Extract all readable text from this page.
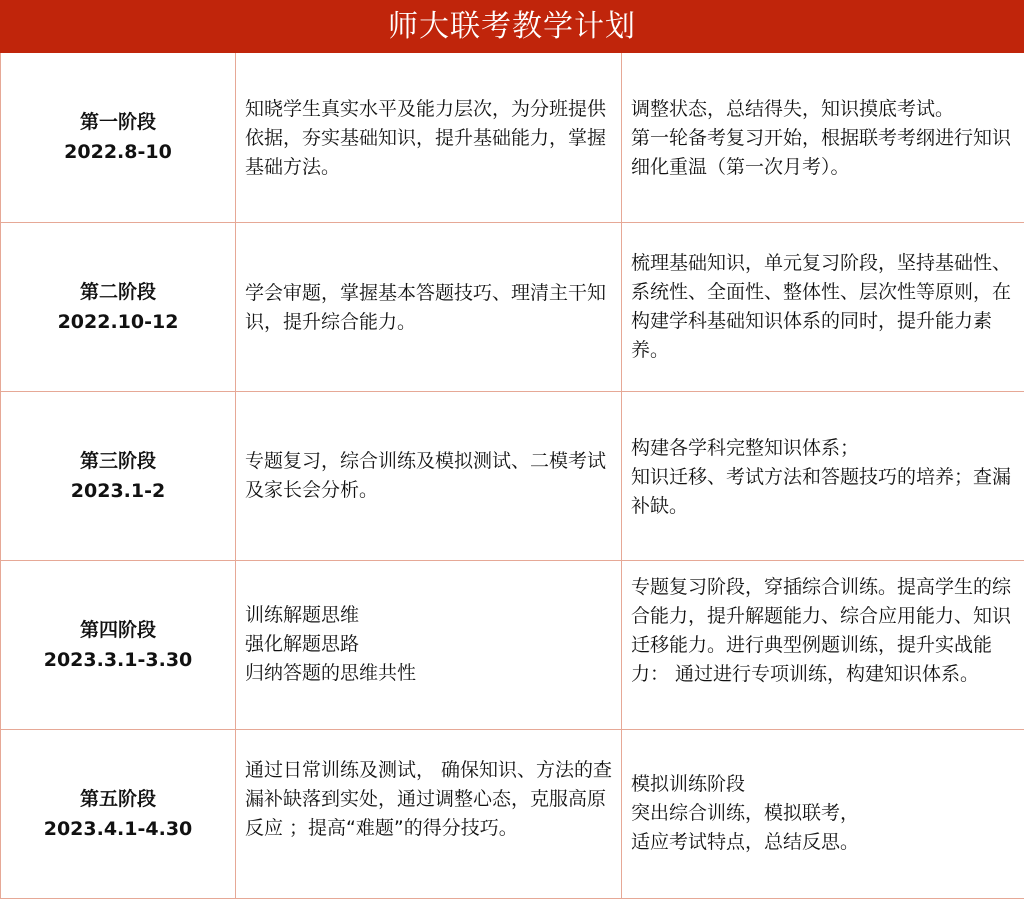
师大联考教学计划
第一阶段
2022.8-10	知晓学生真实水平及能力层次，为分班提供依据，夯实基础知识，提升基础能力，掌握基础方法。	调整状态，总结得失，知识摸底考试。
第一轮备考复习开始，根据联考考纲进行知识细化重温（第一次月考）。

第二阶段
2022.10-12	学会审题，掌握基本答题技巧、理清主干知识，提升综合能力。	梳理基础知识，单元复习阶段，坚持基础性、系统性、全面性、整体性、层次性等原则，在构建学科基础知识体系的同时，提升能力素养。

第三阶段
2023.1-2	专题复习，综合训练及模拟测试、二模考试及家长会分析。	构建各学科完整知识体系；
知识迁移、考试方法和答题技巧的培养；查漏补缺。

第四阶段
2023.3.1-3.30	训练解题思维
强化解题思路
归纳答题的思维共性	专题复习阶段，穿插综合训练。提高学生的综合能力，提升解题能力、综合应用能力、知识迁移能力。进行典型例题训练，提升实战能力： 通过进行专项训练，构建知识体系。

第五阶段
2023.4.1-4.30	通过日常训练及测试， 确保知识、方法的查漏补缺落到实处，通过调整心态，克服高原反应 ；提高“难题”的得分技巧。	模拟训练阶段
突出综合训练，模拟联考，
适应考试特点，总结反思。
